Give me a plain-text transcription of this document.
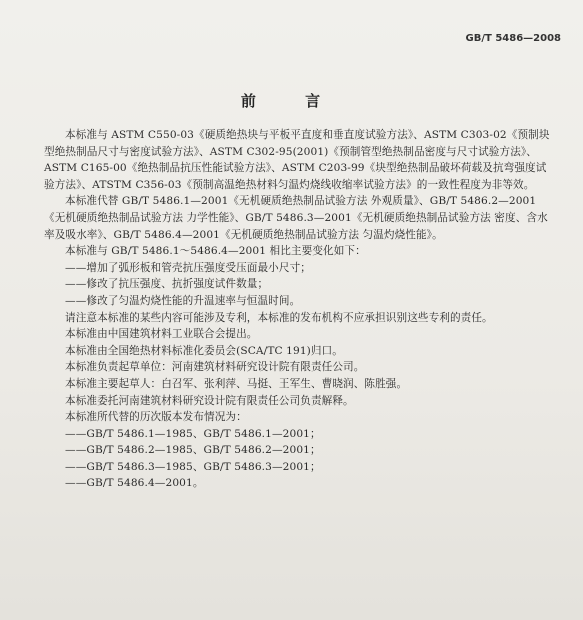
GB/T 5486—2008
前 言

本标准与 ASTM C550-03《硬质绝热块与平板平直度和垂直度试验方法》、ASTM C303-02《预制块型绝热制品尺寸与密度试验方法》、ASTM C302-95(2001)《预制管型绝热制品密度与尺寸试验方法》、ASTM C165-00《绝热制品抗压性能试验方法》、ASTM C203-99《块型绝热制品破坏荷载及抗弯强度试验方法》、ATSTM C356-03《预制高温绝热材料匀温灼烧线收缩率试验方法》的一致性程度为非等效。

本标准代替 GB/T 5486.1—2001《无机硬质绝热制品试验方法 外观质量》、GB/T 5486.2—2001《无机硬质绝热制品试验方法 力学性能》、GB/T 5486.3—2001《无机硬质绝热制品试验方法 密度、含水率及吸水率》、GB/T 5486.4—2001《无机硬质绝热制品试验方法 匀温灼烧性能》。

本标准与 GB/T 5486.1～5486.4—2001 相比主要变化如下：

——增加了弧形板和管壳抗压强度受压面最小尺寸；

——修改了抗压强度、抗折强度试件数量；

——修改了匀温灼烧性能的升温速率与恒温时间。

请注意本标准的某些内容可能涉及专利，本标准的发布机构不应承担识别这些专利的责任。

本标准由中国建筑材料工业联合会提出。

本标准由全国绝热材料标准化委员会(SCA/TC 191)归口。

本标准负责起草单位：河南建筑材料研究设计院有限责任公司。

本标准主要起草人：白召军、张利萍、马挺、王军生、曹晓润、陈胜强。

本标准委托河南建筑材料研究设计院有限责任公司负责解释。

本标准所代替的历次版本发布情况为：

——GB/T 5486.1—1985、GB/T 5486.1—2001；

——GB/T 5486.2—1985、GB/T 5486.2—2001；

——GB/T 5486.3—1985、GB/T 5486.3—2001；

——GB/T 5486.4—2001。
